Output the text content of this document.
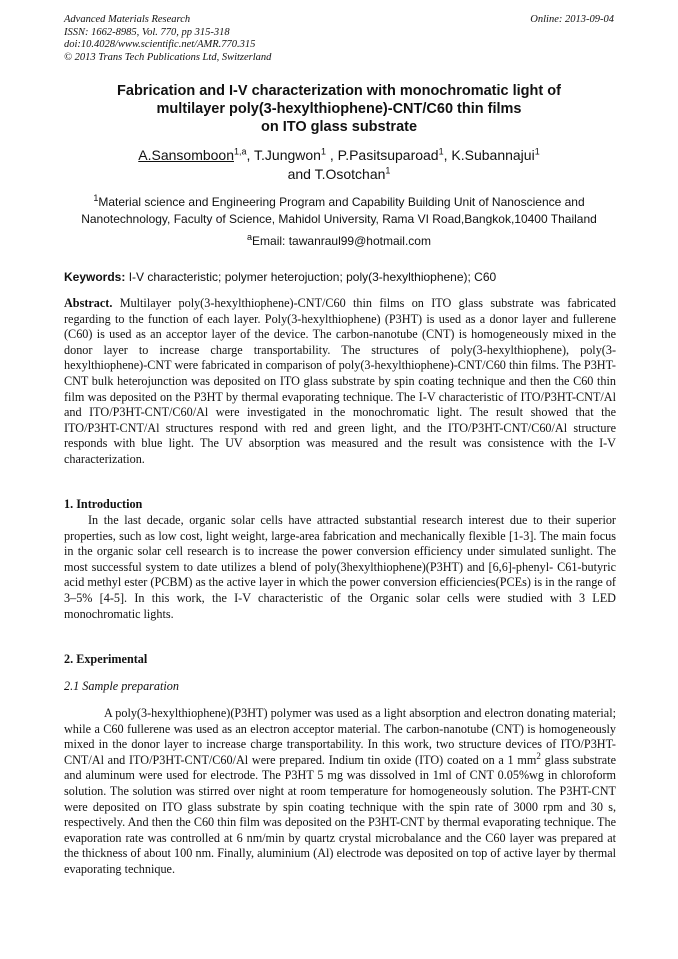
Advanced Materials Research
ISSN: 1662-8985, Vol. 770, pp 315-318
doi:10.4028/www.scientific.net/AMR.770.315
© 2013 Trans Tech Publications Ltd, Switzerland
Online: 2013-09-04
Fabrication and I-V characterization with monochromatic light of
multilayer poly(3-hexylthiophene)-CNT/C60 thin films
on ITO glass substrate
A.Sansomboon$^{1,a}$, T.Jungwon$^1$ , P.Pasitsuparoad$^1$, K.Subannajui$^1$
and T.Osotchan$^1$
$^1$Material science and Engineering Program and Capability Building Unit of Nanoscience and
Nanotechnology, Faculty of Science, Mahidol University, Rama VI Road,Bangkok,10400 Thailand
$^a$Email: tawanraul99@hotmail.com
Keywords: I-V characteristic; polymer heterojuction; poly(3-hexylthiophene); C60
Abstract. Multilayer poly(3-hexylthiophene)-CNT/C60 thin films on ITO glass substrate was fabricated regarding to the function of each layer. Poly(3-hexylthiophene) (P3HT) is used as a donor layer and fullerene (C60) is used as an acceptor layer of the device. The carbon-nanotube (CNT) is homogeneously mixed in the donor layer to increase charge transportability. The structures of poly(3-hexylthiophene), poly(3-hexylthiophene)-CNT were fabricated in comparison of poly(3-hexylthiophene)-CNT/C60 thin films. The P3HT-CNT bulk heterojunction was deposited on ITO glass substrate by spin coating technique and then the C60 thin film was deposited on the P3HT by thermal evaporating technique. The I-V characteristic of ITO/P3HT-CNT/Al and ITO/P3HT-CNT/C60/Al were investigated in the monochromatic light. The result showed that the ITO/P3HT-CNT/Al structures respond with red and green light, and the ITO/P3HT-CNT/C60/Al structure responds with blue light. The UV absorption was measured and the result was consistence with the I-V characterization.
1. Introduction
In the last decade, organic solar cells have attracted substantial research interest due to their superior properties, such as low cost, light weight, large-area fabrication and mechanically flexible [1-3]. The main focus in the organic solar cell research is to increase the power conversion efficiency under simulated sunlight. The most successful system to date utilizes a blend of poly(3hexylthiophene)(P3HT) and [6,6]-phenyl- C61-butyric acid methyl ester (PCBM) as the active layer in which the power conversion efficiencies(PCEs) is in the range of 3–5% [4-5]. In this work, the I-V characteristic of the Organic solar cells were studied with 3 LED monochromatic lights.
2. Experimental
2.1 Sample preparation
A poly(3-hexylthiophene)(P3HT) polymer was used as a light absorption and electron donating material; while a C60 fullerene was used as an electron acceptor material. The carbon-nanotube (CNT) is homogeneously mixed in the donor layer to increase charge transportability. In this work, two structure devices of ITO/P3HT-CNT/Al and ITO/P3HT-CNT/C60/Al were prepared. Indium tin oxide (ITO) coated on a 1 $mm^2$ glass substrate and aluminum were used for electrode. The P3HT 5 mg was dissolved in 1ml of CNT 0.05%wg in chloroform solution. The solution was stirred over night at room temperature for homogeneously solution. The P3HT-CNT were deposited on ITO glass substrate by spin coating technique with the spin rate of 3000 rpm and 30 s, respectively. And then the C60 thin film was deposited on the P3HT-CNT by thermal evaporating technique. The evaporation rate was controlled at 6 nm/min by quartz crystal microbalance and the C60 layer was prepared at the thickness of about 100 nm. Finally, aluminium (Al) electrode was deposited on top of active layer by thermal evaporating technique.
